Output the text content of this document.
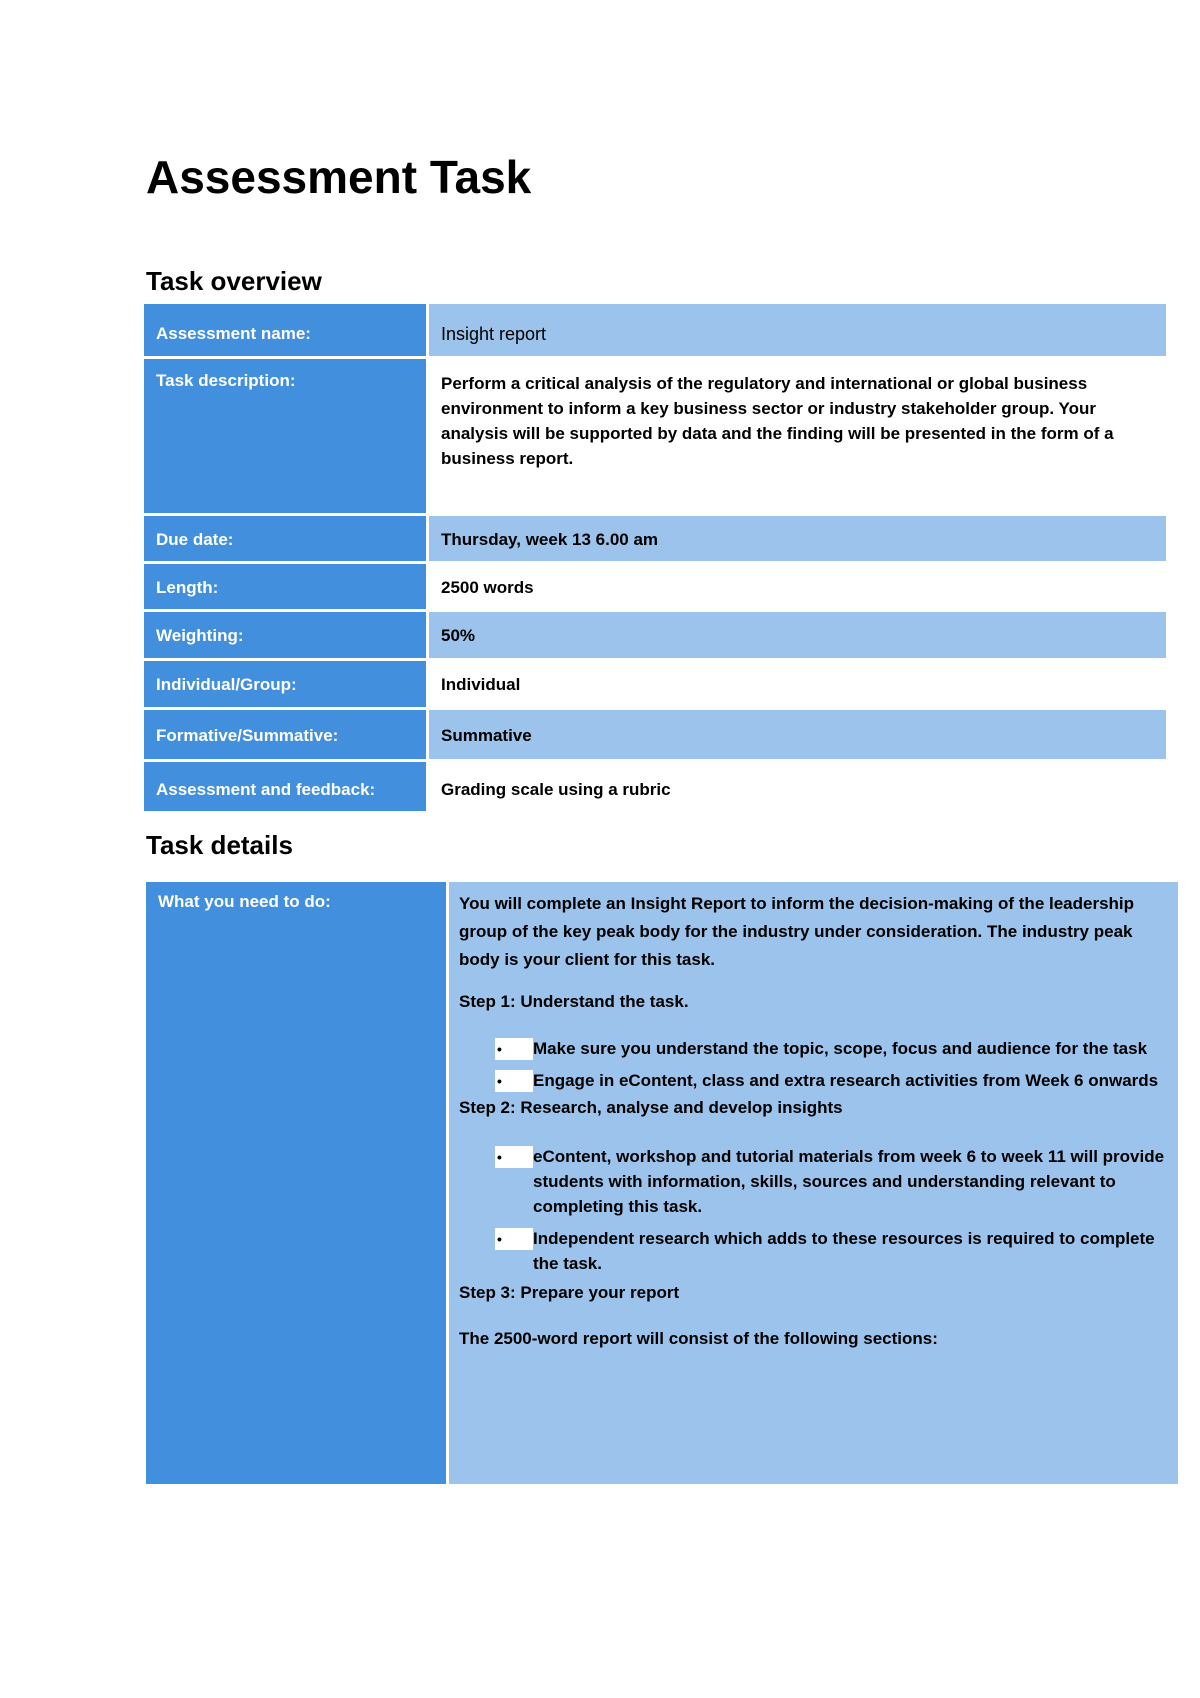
Assessment Task
Task overview
Assessment name:	Insight report
Task description:	Perform a critical analysis of the regulatory and international or global business environment to inform a key business sector or industry stakeholder group. Your analysis will be supported by data and the finding will be presented in the form of a business report.
Due date:	Thursday, week 13 6.00 am
Length:	2500 words
Weighting:	50%
Individual/Group:	Individual
Formative/Summative:	Summative
Assessment and feedback:	Grading scale using a rubric
Task details
What you need to do:	You will complete an Insight Report to inform the decision-making of the leadership group of the key peak body for the industry under consideration. The industry peak body is your client for this task.

Step 1: Understand the task.

•	Make sure you understand the topic, scope, focus and audience for the task
•	Engage in eContent, class and extra research activities from Week 6 onwards

Step 2: Research, analyse and develop insights

•	eContent, workshop and tutorial materials from week 6 to week 11 will provide students with information, skills, sources and understanding relevant to completing this task.
•	Independent research which adds to these resources is required to complete the task.

Step 3: Prepare your report

The 2500-word report will consist of the following sections:
